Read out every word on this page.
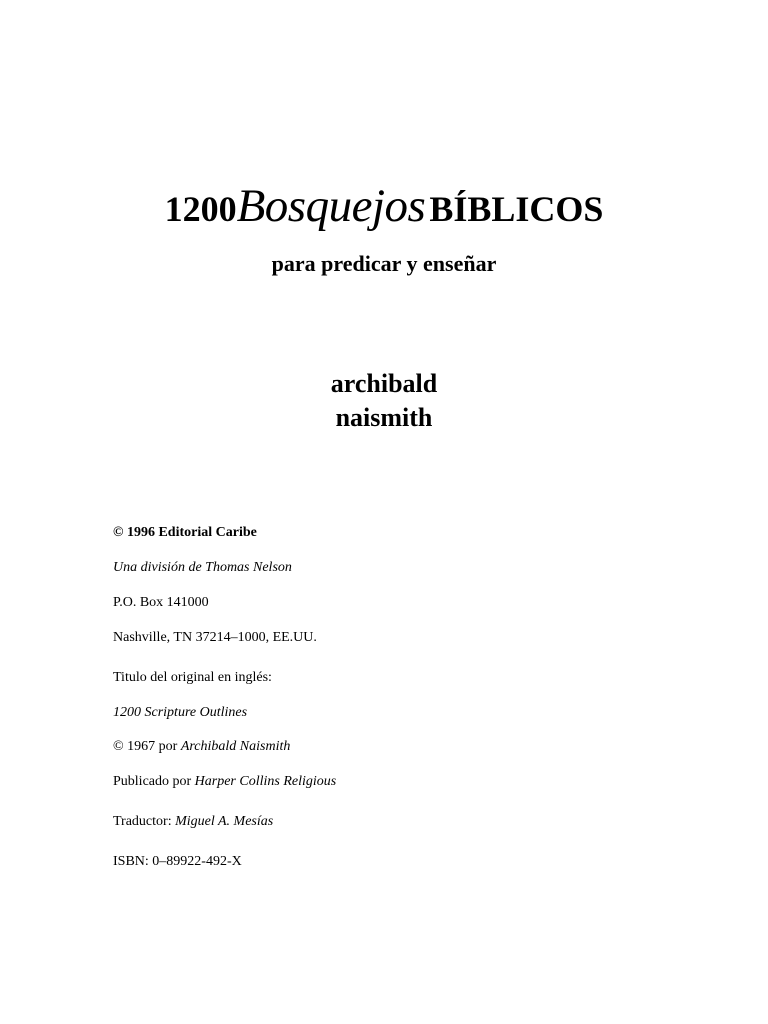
1200Bosquejos BÍBLICOS
para predicar y enseñar
archibald
naismith
© 1996 Editorial Caribe
Una división de Thomas Nelson
P.O. Box 141000
Nashville, TN 37214–1000, EE.UU.
Titulo del original en inglés:
1200 Scripture Outlines
© 1967 por Archibald Naismith
Publicado por Harper Collins Religious
Traductor: Miguel A. Mesías
ISBN: 0–89922-492-X
